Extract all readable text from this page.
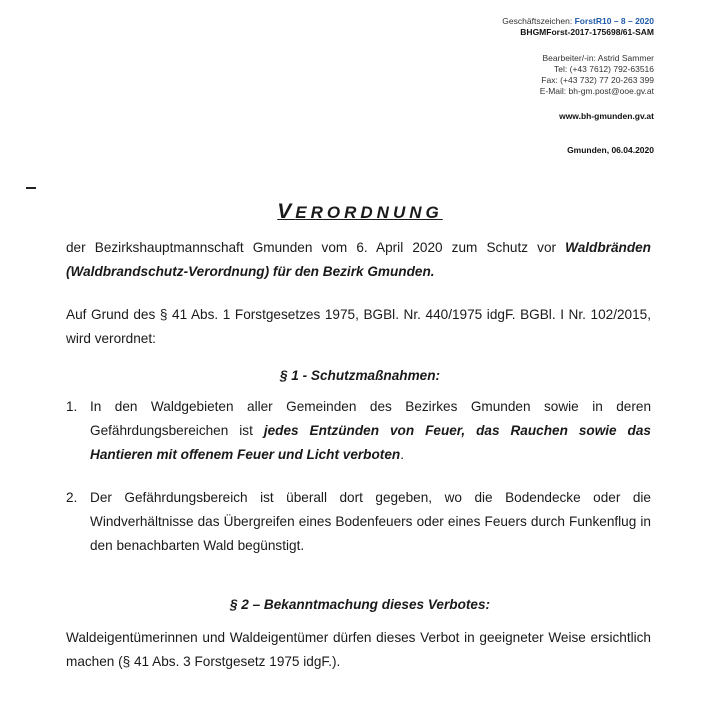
Geschäftszeichen: ForstR10 – 8 – 2020
BHGMForst-2017-175698/61-SAM
Bearbeiter/-in: Astrid Sammer
Tel: (+43 7612) 792-63516
Fax: (+43 732) 77 20-263 399
E-Mail: bh-gm.post@ooe.gv.at
www.bh-gmunden.gv.at
Gmunden, 06.04.2020
VERORDNUNG
der Bezirkshauptmannschaft Gmunden vom 6. April 2020 zum Schutz vor Waldbränden (Waldbrandschutz-Verordnung) für den Bezirk Gmunden.
Auf Grund des § 41 Abs. 1 Forstgesetzes 1975, BGBl. Nr. 440/1975 idgF. BGBl. I Nr. 102/2015, wird verordnet:
§ 1 - Schutzmaßnahmen:
1. In den Waldgebieten aller Gemeinden des Bezirkes Gmunden sowie in deren Gefährdungsbereichen ist jedes Entzünden von Feuer, das Rauchen sowie das Hantieren mit offenem Feuer und Licht verboten.
2. Der Gefährdungsbereich ist überall dort gegeben, wo die Bodendecke oder die Windverhältnisse das Übergreifen eines Bodenfeuers oder eines Feuers durch Funkenflug in den benachbarten Wald begünstigt.
§ 2 – Bekanntmachung dieses Verbotes:
Waldeigentümerinnen und Waldeigentümer dürfen dieses Verbot in geeigneter Weise ersichtlich machen (§ 41 Abs. 3 Forstgesetz 1975 idgF.).
